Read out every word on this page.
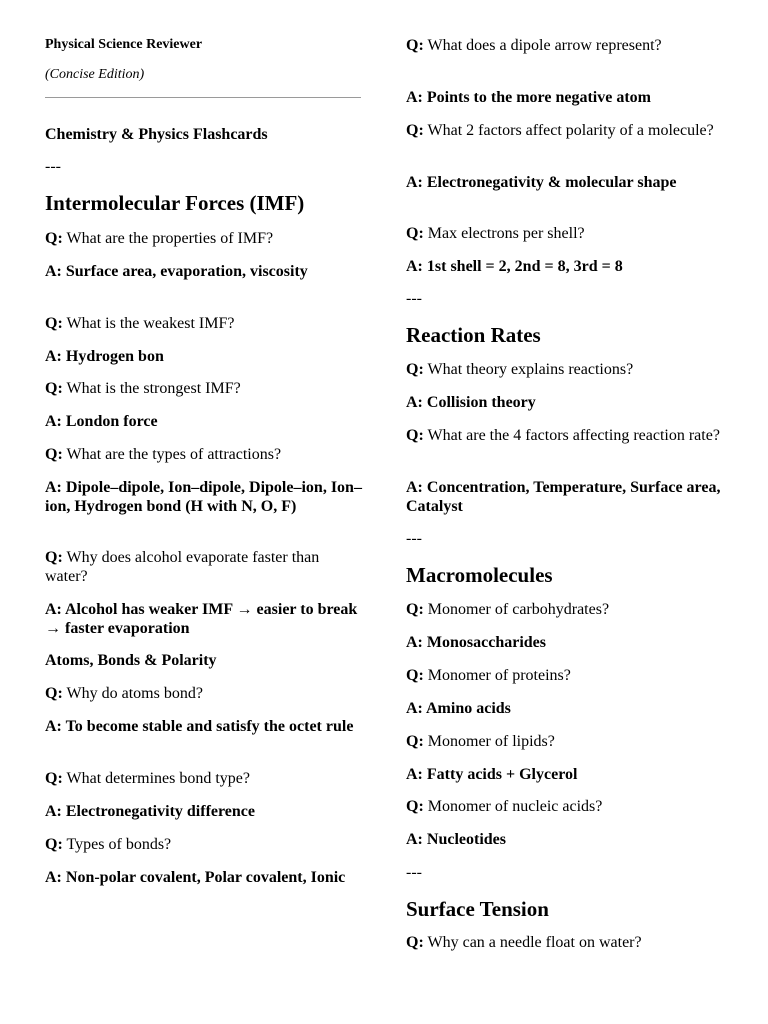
Physical Science Reviewer
(Concise Edition)
Chemistry & Physics Flashcards
---
Intermolecular Forces (IMF)
Q: What are the properties of IMF?
A: Surface area, evaporation, viscosity
Q: What is the weakest IMF?
A: Hydrogen bon
Q: What is the strongest IMF?
A: London force
Q: What are the types of attractions?
A: Dipole–dipole, Ion–dipole, Dipole–ion, Ion–ion, Hydrogen bond (H with N, O, F)
Q: Why does alcohol evaporate faster than water?
A: Alcohol has weaker IMF → easier to break → faster evaporation
Atoms, Bonds & Polarity
Q: Why do atoms bond?
A: To become stable and satisfy the octet rule
Q: What determines bond type?
A: Electronegativity difference
Q: Types of bonds?
A: Non-polar covalent, Polar covalent, Ionic
Q: What does a dipole arrow represent?
A: Points to the more negative atom
Q: What 2 factors affect polarity of a molecule?
A: Electronegativity & molecular shape
Q: Max electrons per shell?
A: 1st shell = 2, 2nd = 8, 3rd = 8
---
Reaction Rates
Q: What theory explains reactions?
A: Collision theory
Q: What are the 4 factors affecting reaction rate?
A: Concentration, Temperature, Surface area, Catalyst
---
Macromolecules
Q: Monomer of carbohydrates?
A: Monosaccharides
Q: Monomer of proteins?
A: Amino acids
Q: Monomer of lipids?
A: Fatty acids + Glycerol
Q: Monomer of nucleic acids?
A: Nucleotides
---
Surface Tension
Q: Why can a needle float on water?
